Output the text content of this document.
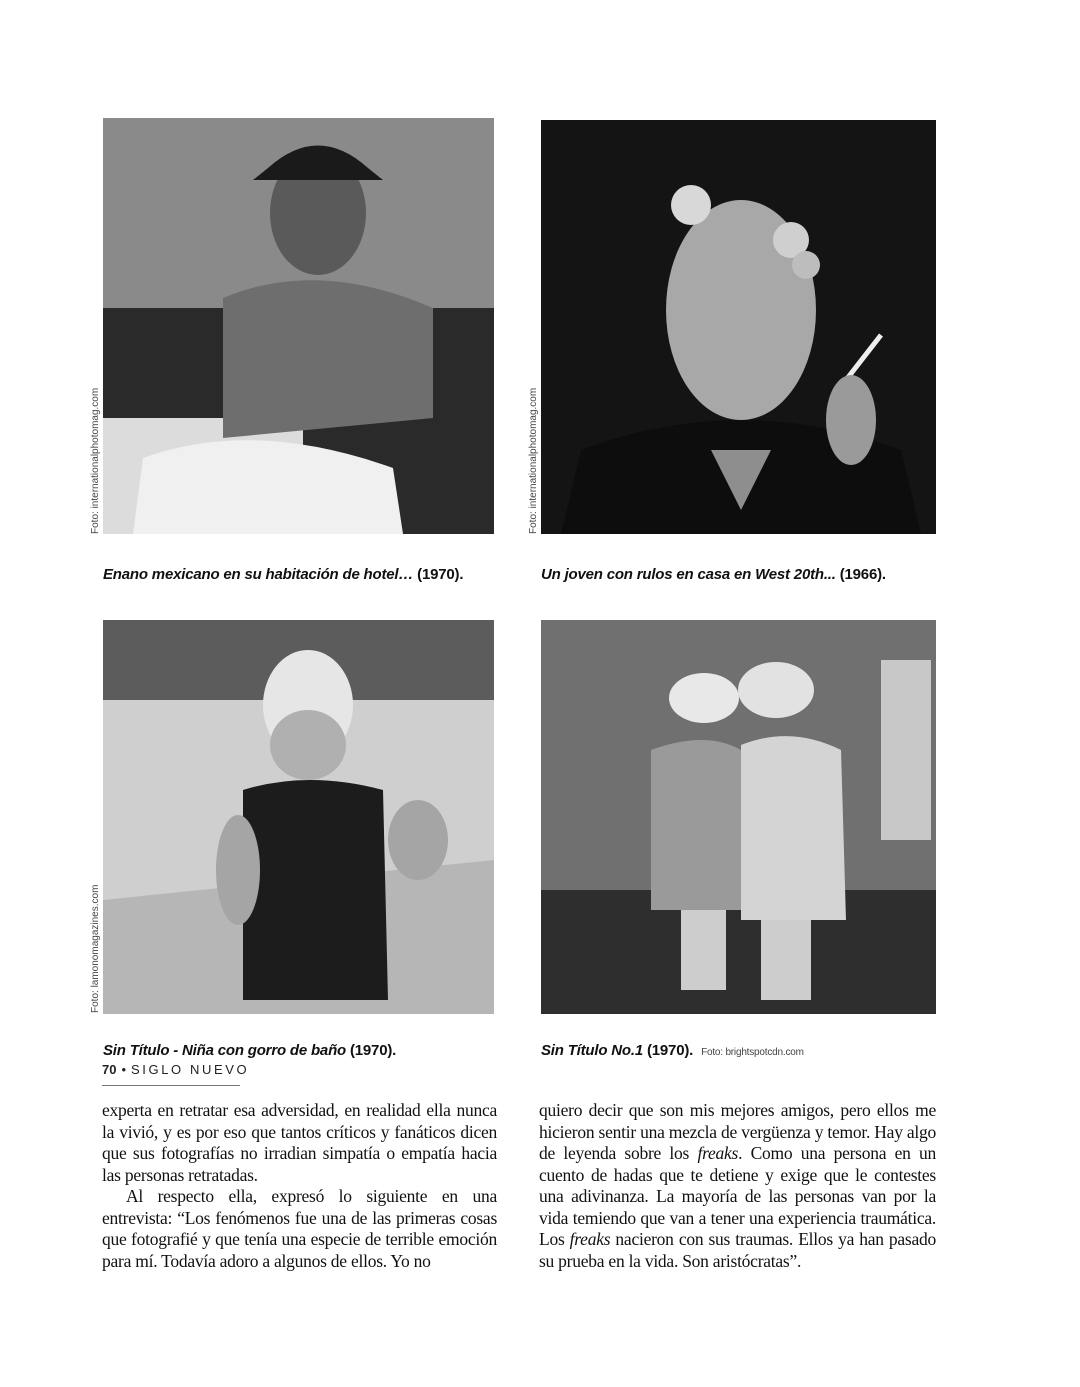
Foto: internationalphotomag.com	Foto: internationalphotomag.com
Enano mexicano en su habitación de hotel… (1970).	Un joven con rulos en casa en West 20th... (1966).
Foto: lamonomagazines.com
Sin Título - Niña con gorro de baño (1970).	Sin Título No.1 (1970). Foto: brightspotcdn.com

experta en retratar esa adversidad, en realidad ella nunca la vivió, y es por eso que tantos críticos y fanáticos dicen que sus fotografías no irradian simpatía o empatía hacia las personas retratadas.

Al respecto ella, expresó lo siguiente en una entrevista: “Los fenómenos fue una de las primeras cosas que fotografié y que tenía una especie de terrible emoción para mí. Todavía adoro a algunos de ellos. Yo no

quiero decir que son mis mejores amigos, pero ellos me hicieron sentir una mezcla de vergüenza y temor. Hay algo de leyenda sobre los freaks. Como una persona en un cuento de hadas que te detiene y exige que le contestes una adivinanza. La mayoría de las personas van por la vida temiendo que van a tener una experiencia traumática. Los freaks nacieron con sus traumas. Ellos ya han pasado su prueba en la vida. Son aristócratas”.

70 • SIGLO NUEVO
